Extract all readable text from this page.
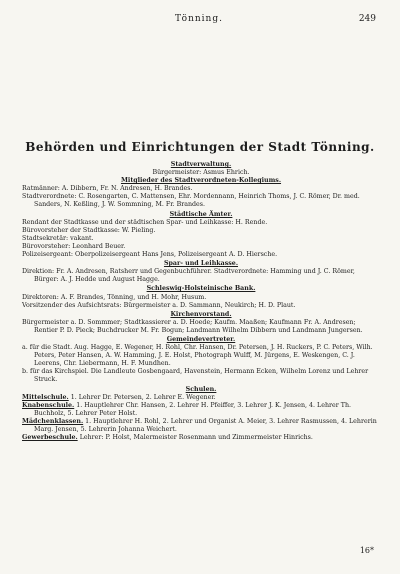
Tönning.	249
Behörden und Einrichtungen der Stadt Tönning.
Stadtverwaltung.
Bürgermeister: Asmus Ehrich.
Mitglieder des Stadtverordneten-Kollegiums.

Ratmänner: A. Dibbern, Fr. N. Andresen, H. Brandes.

Stadtverordnete: C. Rosengarten, C. Mattensen, Ehr. Mordennann, Heinrich Thoms, J. C. Römer, Dr. med. Sanders, N. Keßling, J. W. Sommning, M. Fr. Brandes.

Städtische Ämter.

Rendant der Stadtkasse und der städtischen Spar- und Leihkasse: H. Rende.

Bürovorsteher der Stadtkasse: W. Pieling.

Stadtsekretär: vakant.

Bürovorsteher: Leonhard Beuer.

Polizeisergeant: Oberpolizeisergeant Hans Jens, Polizeisergeant A. D. Hiersche.

Spar- und Leihkasse.

Direktion: Fr. A. Andresen, Ratsherr und Gegenbuchführer. Stadtverordnete: Hamming und J. C. Römer, Bürger: A. J. Hedde und August Hagge.

Schleswig-Holsteinische Bank.

Direktoren: A. F. Brandes, Tönning, und H. Mohr, Husum.

Vorsitzender des Aufsichtsrats: Bürgermeister a. D. Sammann, Neukirch; H. D. Plaut.

Kirchenvorstand.

Bürgermeister a. D. Sommmer; Stadtkassierer a. D. Hoede; Kaufm. Maaßen; Kaufmann Fr. A. Andresen; Rentier P. D. Pieck; Buchdrucker M. Fr. Bogun; Landmann Wilhelm Dibbern und Landmann Jungersen.

Gemeindevertreter.

a. für die Stadt. Aug. Hagge, E. Wegener, H. Rohl, Chr. Hansen, Dr. Petersen, J. H. Ruckers, P. C. Peters, Wilh. Peters, Peter Hansen, A. W. Hamming, J. E. Holst, Photograph Wulff, M. Jürgens, E. Weskengen, C. J. Leerens, Chr. Liebermann, H. F. Mundhen.

b. für das Kirchspiel. Die Landleute Gosbengaard, Havenstein, Hermann Ecken, Wilhelm Lorenz und Lehrer Struck.

Schulen.

Mittelschule. 1. Lehrer Dr. Petersen, 2. Lehrer E. Wegener.

Knabenschule. 1. Hauptlehrer Chr. Hansen, 2. Lehrer H. Pfeiffer, 3. Lehrer J. K. Jensen, 4. Lehrer Th. Buchholz, 5. Lehrer Peter Holst.

Mädchenklassen. 1. Hauptlehrer H. Rohl, 2. Lehrer und Organist A. Meier, 3. Lehrer Rasmussen, 4. Lehrerin Marg. Jensen, 5. Lehrerin Johanna Weichert.

Gewerbeschule. Lehrer: P. Holst, Malermeister Rosenmann und Zimmermeister Hinrichs.

16*
